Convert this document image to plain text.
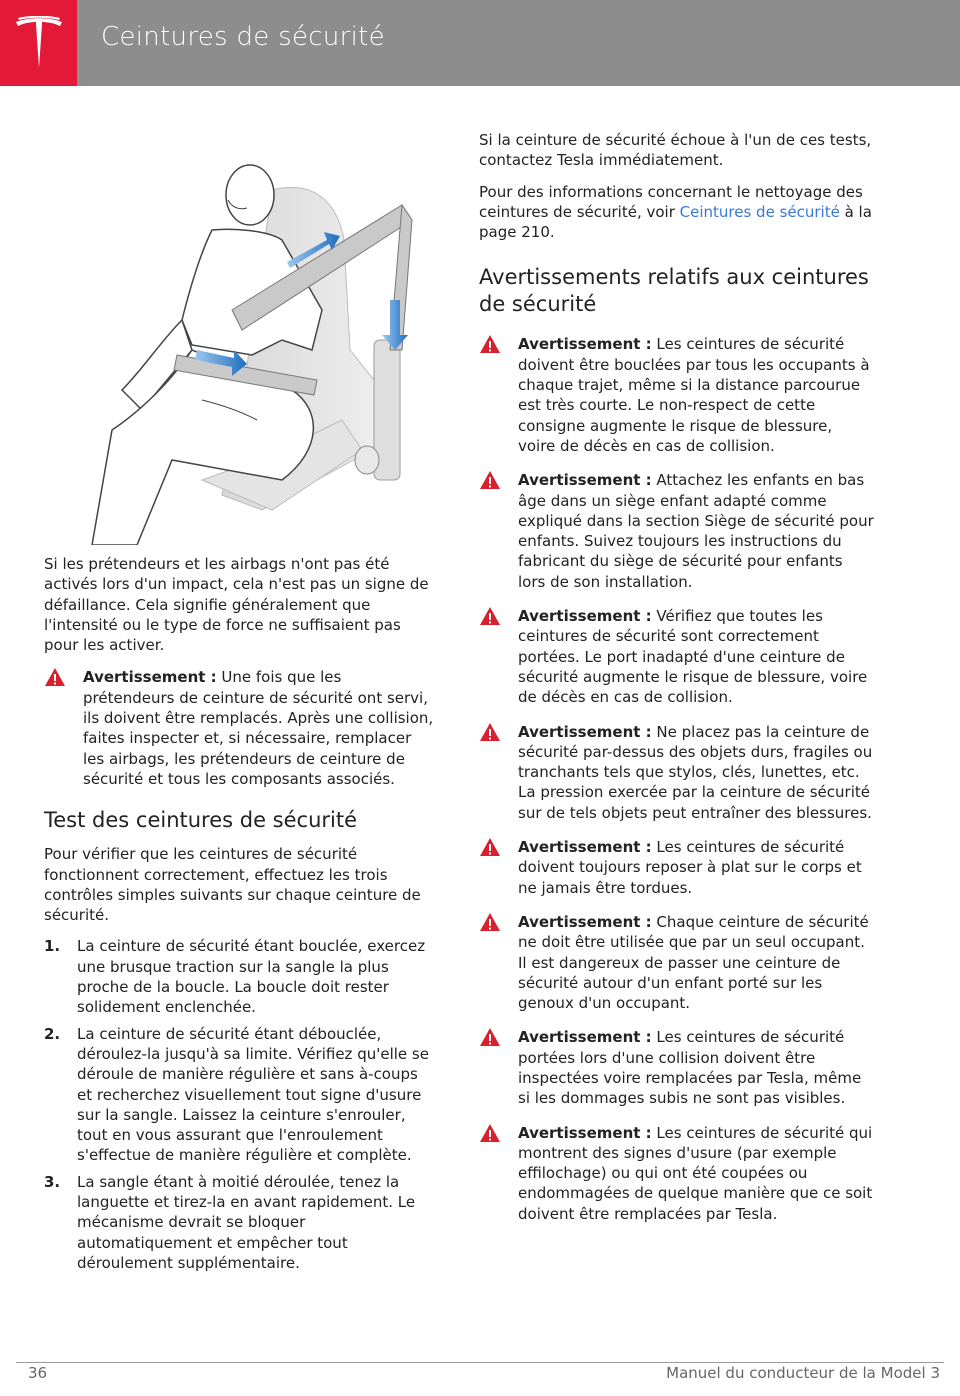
Ceintures de sécurité

Si les prétendeurs et les airbags n'ont pas été activés lors d'un impact, cela n'est pas un signe de défaillance. Cela signifie généralement que l'intensité ou le type de force ne suffisaient pas pour les activer.

Avertissement : Une fois que les prétendeurs de ceinture de sécurité ont servi, ils doivent être remplacés. Après une collision, faites inspecter et, si nécessaire, remplacer les airbags, les prétendeurs de ceinture de sécurité et tous les composants associés.
Test des ceintures de sécurité

Pour vérifier que les ceintures de sécurité fonctionnent correctement, effectuez les trois contrôles simples suivants sur chaque ceinture de sécurité.

1. La ceinture de sécurité étant bouclée, exercez une brusque traction sur la sangle la plus proche de la boucle. La boucle doit rester solidement enclenchée.
2. La ceinture de sécurité étant débouclée, déroulez-la jusqu'à sa limite. Vérifiez qu'elle se déroule de manière régulière et sans à-coups et recherchez visuellement tout signe d'usure sur la sangle. Laissez la ceinture s'enrouler, tout en vous assurant que l'enroulement s'effectue de manière régulière et complète.
3. La sangle étant à moitié déroulée, tenez la languette et tirez-la en avant rapidement. Le mécanisme devrait se bloquer automatiquement et empêcher tout déroulement supplémentaire.

Si la ceinture de sécurité échoue à l'un de ces tests, contactez Tesla immédiatement.

Pour des informations concernant le nettoyage des ceintures de sécurité, voir Ceintures de sécurité à la page 210.

Avertissements relatifs aux ceintures de sécurité
Avertissement : Les ceintures de sécurité doivent être bouclées par tous les occupants à chaque trajet, même si la distance parcourue est très courte. Le non-respect de cette consigne augmente le risque de blessure, voire de décès en cas de collision.
Avertissement : Attachez les enfants en bas âge dans un siège enfant adapté comme expliqué dans la section Siège de sécurité pour enfants. Suivez toujours les instructions du fabricant du siège de sécurité pour enfants lors de son installation.
Avertissement : Vérifiez que toutes les ceintures de sécurité sont correctement portées. Le port inadapté d'une ceinture de sécurité augmente le risque de blessure, voire de décès en cas de collision.
Avertissement : Ne placez pas la ceinture de sécurité par-dessus des objets durs, fragiles ou tranchants tels que stylos, clés, lunettes, etc. La pression exercée par la ceinture de sécurité sur de tels objets peut entraîner des blessures.
Avertissement : Les ceintures de sécurité doivent toujours reposer à plat sur le corps et ne jamais être tordues.
Avertissement : Chaque ceinture de sécurité ne doit être utilisée que par un seul occupant. Il est dangereux de passer une ceinture de sécurité autour d'un enfant porté sur les genoux d'un occupant.
Avertissement : Les ceintures de sécurité portées lors d'une collision doivent être inspectées voire remplacées par Tesla, même si les dommages subis ne sont pas visibles.
Avertissement : Les ceintures de sécurité qui montrent des signes d'usure (par exemple effilochage) ou qui ont été coupées ou endommagées de quelque manière que ce soit doivent être remplacées par Tesla.
36	Manuel du conducteur de la Model 3
